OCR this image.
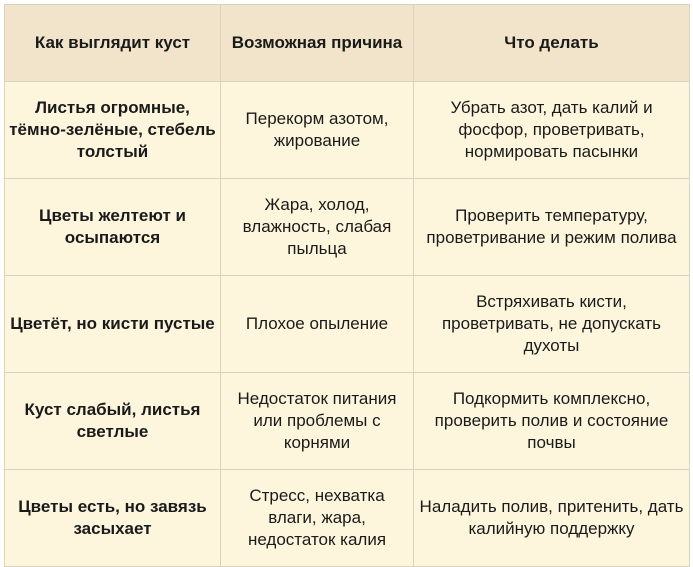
Как выглядит куст	Возможная причина	Что делать
Листья огромные, тёмно-зелёные, стебель толстый	Перекорм азотом, жирование	Убрать азот, дать калий и фосфор, проветривать, нормировать пасынки
Цветы желтеют и осыпаются	Жара, холод, влажность, слабая пыльца	Проверить температуру, проветривание и режим полива
Цветёт, но кисти пустые	Плохое опыление	Встряхивать кисти, проветривать, не допускать духоты
Куст слабый, листья светлые	Недостаток питания или проблемы с корнями	Подкормить комплексно, проверить полив и состояние почвы
Цветы есть, но завязь засыхает	Стресс, нехватка влаги, жара, недостаток калия	Наладить полив, притенить, дать калийную поддержку
